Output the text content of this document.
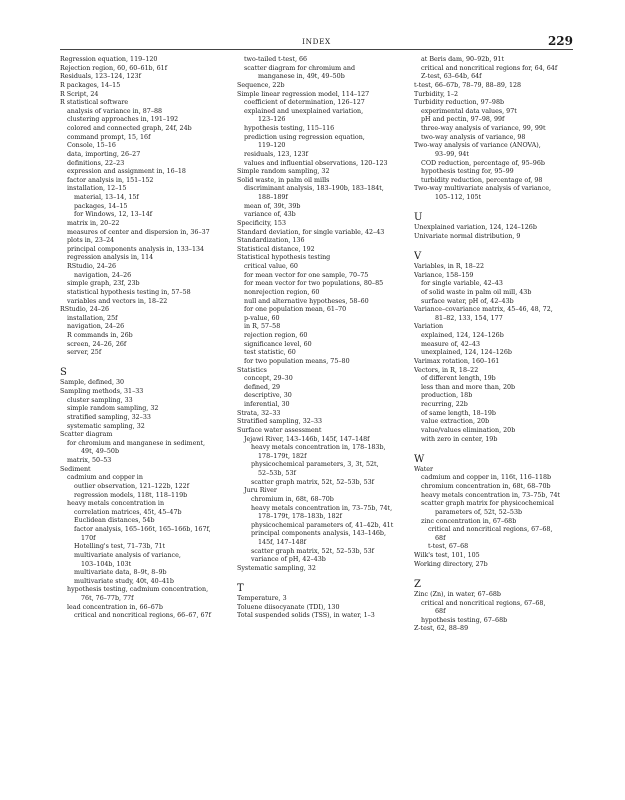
INDEX	229
Regression equation, 119–120
Rejection region, 60, 60–61b, 61f
Residuals, 123–124, 123f
R packages, 14–15
R Script, 24
R statistical software
analysis of variance in, 87–88
clustering approaches in, 191–192
colored and connected graph, 24f, 24b
command prompt, 15, 16f
Console, 15–16
data, importing, 26–27
definitions, 22–23
expression and assignment in, 16–18
factor analysis in, 151–152
installation, 12–15
material, 13–14, 15f
packages, 14–15
for Windows, 12, 13–14f
matrix in, 20–22
measures of center and dispersion in, 36–37
plots in, 23–24
principal components analysis in, 133–134
regression analysis in, 114
RStudio, 24–26
navigation, 24–26
simple graph, 23f, 23b
statistical hypothesis testing in, 57–58
variables and vectors in, 18–22
RStudio, 24–26
installation, 25f
navigation, 24–26
R commands in, 26b
screen, 24–26, 26f
server, 25f
S
Sample, defined, 30
Sampling methods, 31–33
cluster sampling, 33
simple random sampling, 32
stratified sampling, 32–33
systematic sampling, 32
Scatter diagram
for chromium and manganese in sediment,
49t, 49–50b
matrix, 50–53
Sediment
cadmium and copper in
outlier observation, 121–122b, 122f
regression models, 118t, 118–119b
heavy metals concentration in
correlation matrices, 45t, 45–47b
Euclidean distances, 54b
factor analysis, 165–166t, 165–166b, 167f,
170f
Hotelling's test, 71–73b, 71t
multivariate analysis of variance,
103–104b, 103t
multivariate data, 8–9t, 8–9b
multivariate study, 40t, 40–41b
hypothesis testing, cadmium concentration,
76t, 76–77b, 77f
lead concentration in, 66–67b
critical and noncritical regions, 66–67, 67f
two-tailed t-test, 66
scatter diagram for chromium and
manganese in, 49t, 49–50b
Sequence, 22b
Simple linear regression model, 114–127
coefficient of determination, 126–127
explained and unexplained variation,
123–126
hypothesis testing, 115–116
prediction using regression equation,
119–120
residuals, 123, 123f
values and influential observations, 120–123
Simple random sampling, 32
Solid waste, in palm oil mills
discriminant analysis, 183–190b, 183–184t,
188–189f
mean of, 39t, 39b
variance of, 43b
Specificity, 153
Standard deviation, for single variable, 42–43
Standardization, 136
Statistical distance, 192
Statistical hypothesis testing
critical value, 60
for mean vector for one sample, 70–75
for mean vector for two populations, 80–85
nonrejection region, 60
null and alternative hypotheses, 58–60
for one population mean, 61–70
p-value, 60
in R, 57–58
rejection region, 60
significance level, 60
test statistic, 60
for two population means, 75–80
Statistics
concept, 29–30
defined, 29
descriptive, 30
inferential, 30
Strata, 32–33
Stratified sampling, 32–33
Surface water assessment
Jejawi River, 143–146b, 145f, 147–148f
heavy metals concentration in, 178–183b,
178–179t, 182f
physicochemical parameters, 3, 3t, 52t,
52–53b, 53f
scatter graph matrix, 52t, 52–53b, 53f
Juru River
chromium in, 68t, 68–70b
heavy metals concentration in, 73–75b, 74t,
178–179t, 178–183b, 182f
physicochemical parameters of, 41–42b, 41t
principal components analysis, 143–146b,
145f, 147–148f
scatter graph matrix, 52t, 52–53b, 53f
variance of pH, 42–43b
Systematic sampling, 32
T
Temperature, 3
Toluene diisocyanate (TDI), 130
Total suspended solids (TSS), in water, 1–3
at Beris dam, 90–92b, 91t
critical and noncritical regions for, 64, 64f
Z-test, 63–64b, 64f
t-test, 66–67b, 78–79, 88–89, 128
Turbidity, 1–2
Turbidity reduction, 97–98b
experimental data values, 97t
pH and pectin, 97–98, 99f
three-way analysis of variance, 99, 99t
two-way analysis of variance, 98
Two-way analysis of variance (ANOVA),
93–99, 94t
COD reduction, percentage of, 95–96b
hypothesis testing for, 95–99
turbidity reduction, percentage of, 98
Two-way multivariate analysis of variance,
105–112, 105t
U
Unexplained variation, 124, 124–126b
Univariate normal distribution, 9
V
Variables, in R, 18–22
Variance, 158–159
for single variable, 42–43
of solid waste in palm oil mill, 43b
surface water, pH of, 42–43b
Variance–covariance matrix, 45–46, 48, 72,
81–82, 133, 154, 177
Variation
explained, 124, 124–126b
measure of, 42–43
unexplained, 124, 124–126b
Varimax rotation, 160–161
Vectors, in R, 18–22
of different length, 19b
less than and more than, 20b
production, 18b
recurring, 22b
of same length, 18–19b
value extraction, 20b
value/values elimination, 20b
with zero in center, 19b
W
Water
cadmium and copper in, 116t, 116–118b
chromium concentration in, 68t, 68–70b
heavy metals concentration in, 73–75b, 74t
scatter graph matrix for physicochemical
parameters of, 52t, 52–53b
zinc concentration in, 67–68b
critical and noncritical regions, 67–68,
68f
t-test, 67–68
Wilk's test, 101, 105
Working directory, 27b
Z
Zinc (Zn), in water, 67–68b
critical and noncritical regions, 67–68,
68f
hypothesis testing, 67–68b
Z-test, 62, 88–89
